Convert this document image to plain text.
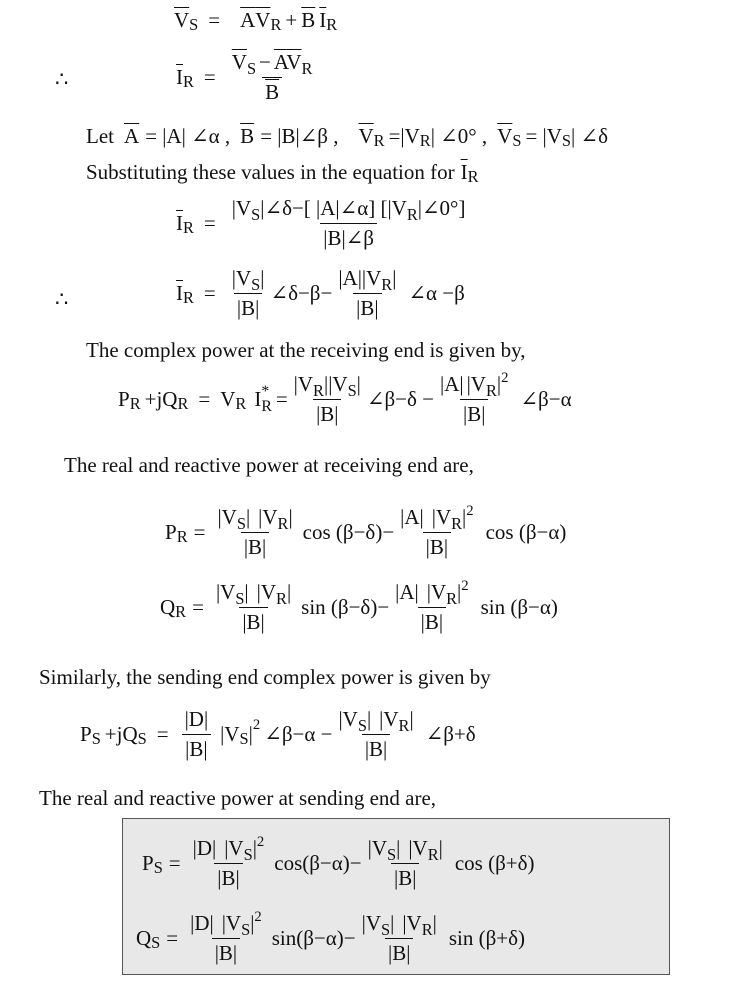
$\overline{V}$ $S = \overline{A}$ $\overline{V}$ $R + \overline{B}$ $\overline{I}$ R
∴	$\overline{I}$ $R = \frac{\overline{V}_S - \overline{A}\overline{V}_R}{B}$
Let $\overline{A} = |A|$ ∠α , $\overline{B}$ = |B|∠β , $\overline{V}$ R =|V R | ∠0° , $\overline{V}$ S = |V S | ∠δ
Substituting these values in the equation for $\overline{I}$ R
$\overline{I}$ $R = \frac{|V_S|\angle\delta-[ |A|\angle\alpha] [|V_R|\angle 0^\circ]}{|B|\angle\beta}$
∴	$\overline{I}$ $R = \frac{|V_S|}{|B|}$ ∠δ−β− $\frac{|A||V_R|}{|B|}$ ∠α −β
The complex power at the receiving end is given by,
P R +jQ R = V R I *
$R = \frac{|V_R||V_S|}{|B|}$ ∠β−δ − $\frac{|A| |V_R|^2}{|B|}$ ∠β−α
The real and reactive power at receiving end are,
P $R = \frac{|V_S| |V_R|}{|B|}$ $\cos (\beta-\delta)- \frac{|A| |V_R|^2}{|B|}$ cos (β−α)
Q $R = \frac{|V_S| |V_R|}{|B|}$ $\sin (\beta-\delta)- \frac{|A| |V_R|^2}{|B|}$ sin (β−α)
Similarly, the sending end complex power is given by
P S +jQ $S = \frac{|D|}{|B|} |V$ S | 2 ∠β−α − $\frac{|V_S| |V_R|}{|B|}$ ∠β+δ
The real and reactive power at sending end are,
P $S = \frac{|D| |V_S|^2}{|B|} \cos(\beta-\alpha)- \frac{|V_S| |V_R|}{|B|}$ cos (β+δ)
Q $S = \frac{|D| |V_S|^2}{|B|} \sin(\beta-\alpha)- \frac{|V_S| |V_R|}{|B|}$ sin (β+δ)
